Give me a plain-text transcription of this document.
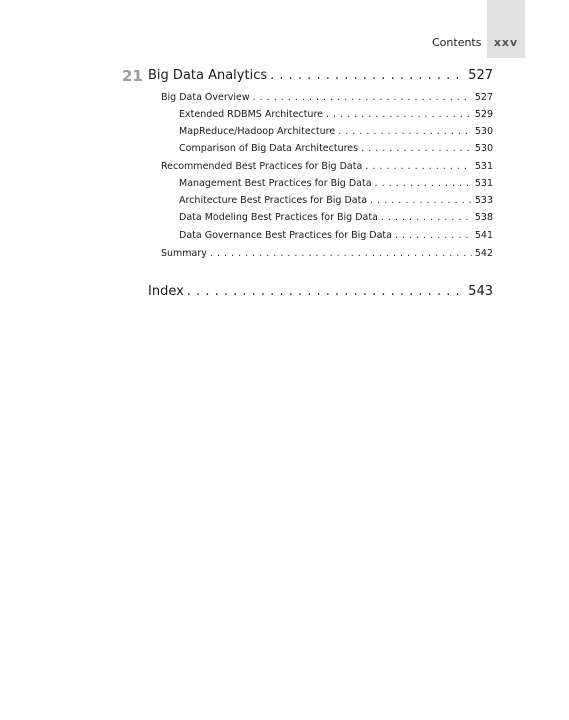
Contents	xxv
21 Big Data Analytics . . .	527
Big Data Overview . . .	527
Extended RDBMS Architecture . . .	529
MapReduce/Hadoop Architecture . . .	530
Comparison of Big Data Architectures . . .	530
Recommended Best Practices for Big Data . . .	531
Management Best Practices for Big Data . . .	531
Architecture Best Practices for Big Data . . .	533
Data Modeling Best Practices for Big Data . . .	538
Data Governance Best Practices for Big Data . . .	541
Summary . . .	542
Index . . .	543
